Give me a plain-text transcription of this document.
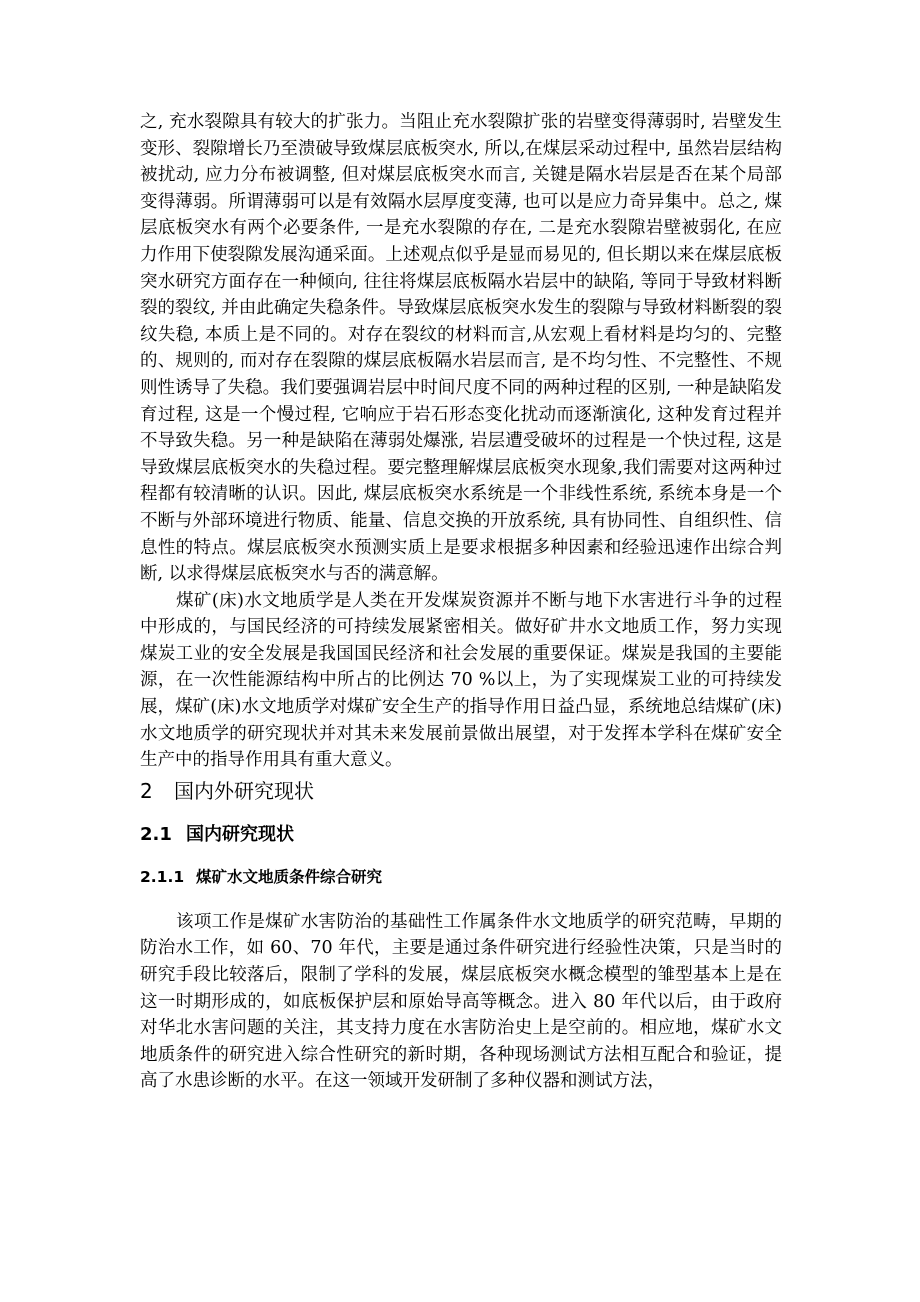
之, 充水裂隙具有较大的扩张力。当阻止充水裂隙扩张的岩壁变得薄弱时, 岩壁发生变形、裂隙增长乃至溃破导致煤层底板突水, 所以,在煤层采动过程中, 虽然岩层结构被扰动, 应力分布被调整, 但对煤层底板突水而言, 关键是隔水岩层是否在某个局部变得薄弱。所谓薄弱可以是有效隔水层厚度变薄, 也可以是应力奇异集中。总之, 煤层底板突水有两个必要条件, 一是充水裂隙的存在, 二是充水裂隙岩壁被弱化, 在应力作用下使裂隙发展沟通采面。上述观点似乎是显而易见的, 但长期以来在煤层底板突水研究方面存在一种倾向, 往往将煤层底板隔水岩层中的缺陷, 等同于导致材料断裂的裂纹, 并由此确定失稳条件。导致煤层底板突水发生的裂隙与导致材料断裂的裂纹失稳, 本质上是不同的。对存在裂纹的材料而言,从宏观上看材料是均匀的、完整的、规则的, 而对存在裂隙的煤层底板隔水岩层而言, 是不均匀性、不完整性、不规则性诱导了失稳。我们要强调岩层中时间尺度不同的两种过程的区别, 一种是缺陷发育过程, 这是一个慢过程, 它响应于岩石形态变化扰动而逐渐演化, 这种发育过程并不导致失稳。另一种是缺陷在薄弱处爆涨, 岩层遭受破坏的过程是一个快过程, 这是导致煤层底板突水的失稳过程。要完整理解煤层底板突水现象,我们需要对这两种过程都有较清晰的认识。因此, 煤层底板突水系统是一个非线性系统, 系统本身是一个不断与外部环境进行物质、能量、信息交换的开放系统, 具有协同性、自组织性、信息性的特点。煤层底板突水预测实质上是要求根据多种因素和经验迅速作出综合判断, 以求得煤层底板突水与否的满意解。

煤矿(床)水文地质学是人类在开发煤炭资源并不断与地下水害进行斗争的过程中形成的，与国民经济的可持续发展紧密相关。做好矿井水文地质工作，努力实现煤炭工业的安全发展是我国国民经济和社会发展的重要保证。煤炭是我国的主要能源，在一次性能源结构中所占的比例达 70 %以上，为了实现煤炭工业的可持续发展，煤矿(床)水文地质学对煤矿安全生产的指导作用日益凸显，系统地总结煤矿(床)水文地质学的研究现状并对其未来发展前景做出展望，对于发挥本学科在煤矿安全生产中的指导作用具有重大意义。

2 国内外研究现状
2.1 国内研究现状
2.1.1 煤矿水文地质条件综合研究

该项工作是煤矿水害防治的基础性工作属条件水文地质学的研究范畴，早期的防治水工作，如 60、70 年代，主要是通过条件研究进行经验性决策，只是当时的研究手段比较落后，限制了学科的发展，煤层底板突水概念模型的雏型基本上是在这一时期形成的，如底板保护层和原始导高等概念。进入 80 年代以后，由于政府对华北水害问题的关注，其支持力度在水害防治史上是空前的。相应地，煤矿水文地质条件的研究进入综合性研究的新时期，各种现场测试方法相互配合和验证，提高了水患诊断的水平。在这一领域开发研制了多种仪器和测试方法，
